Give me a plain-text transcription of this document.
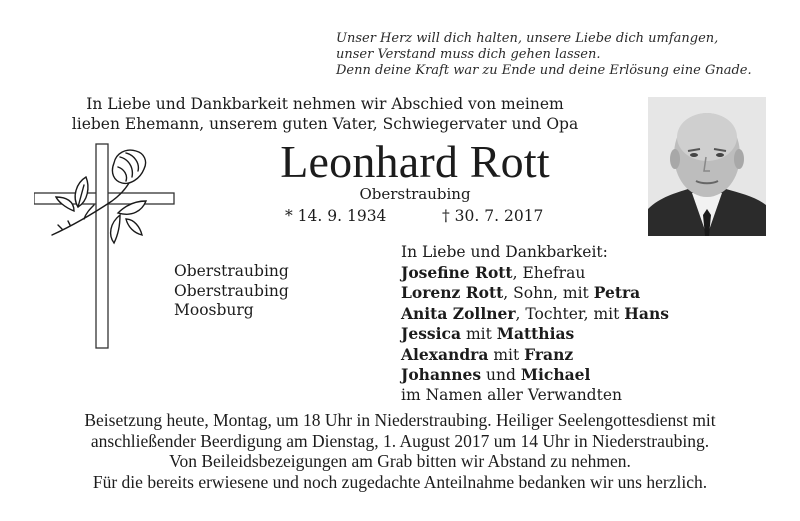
Unser Herz will dich halten, unsere Liebe dich umfangen,
unser Verstand muss dich gehen lassen.
Denn deine Kraft war zu Ende und deine Erlösung eine Gnade.
In Liebe und Dankbarkeit nehmen wir Abschied von meinem
lieben Ehemann, unserem guten Vater, Schwiegervater und Opa
Leonhard Rott
Oberstraubing
* 14. 9. 1934	† 30. 7. 2017
Oberstraubing
Oberstraubing
Moosburg
In Liebe und Dankbarkeit:
Josefine Rott, Ehefrau
Lorenz Rott, Sohn, mit Petra
Anita Zollner, Tochter, mit Hans
Jessica mit Matthias
Alexandra mit Franz
Johannes und Michael
im Namen aller Verwandten
Beisetzung heute, Montag, um 18 Uhr in Niederstraubing. Heiliger Seelengottesdienst mit
anschließender Beerdigung am Dienstag, 1. August 2017 um 14 Uhr in Niederstraubing.
Von Beileidsbezeigungen am Grab bitten wir Abstand zu nehmen.
Für die bereits erwiesene und noch zugedachte Anteilnahme bedanken wir uns herzlich.
